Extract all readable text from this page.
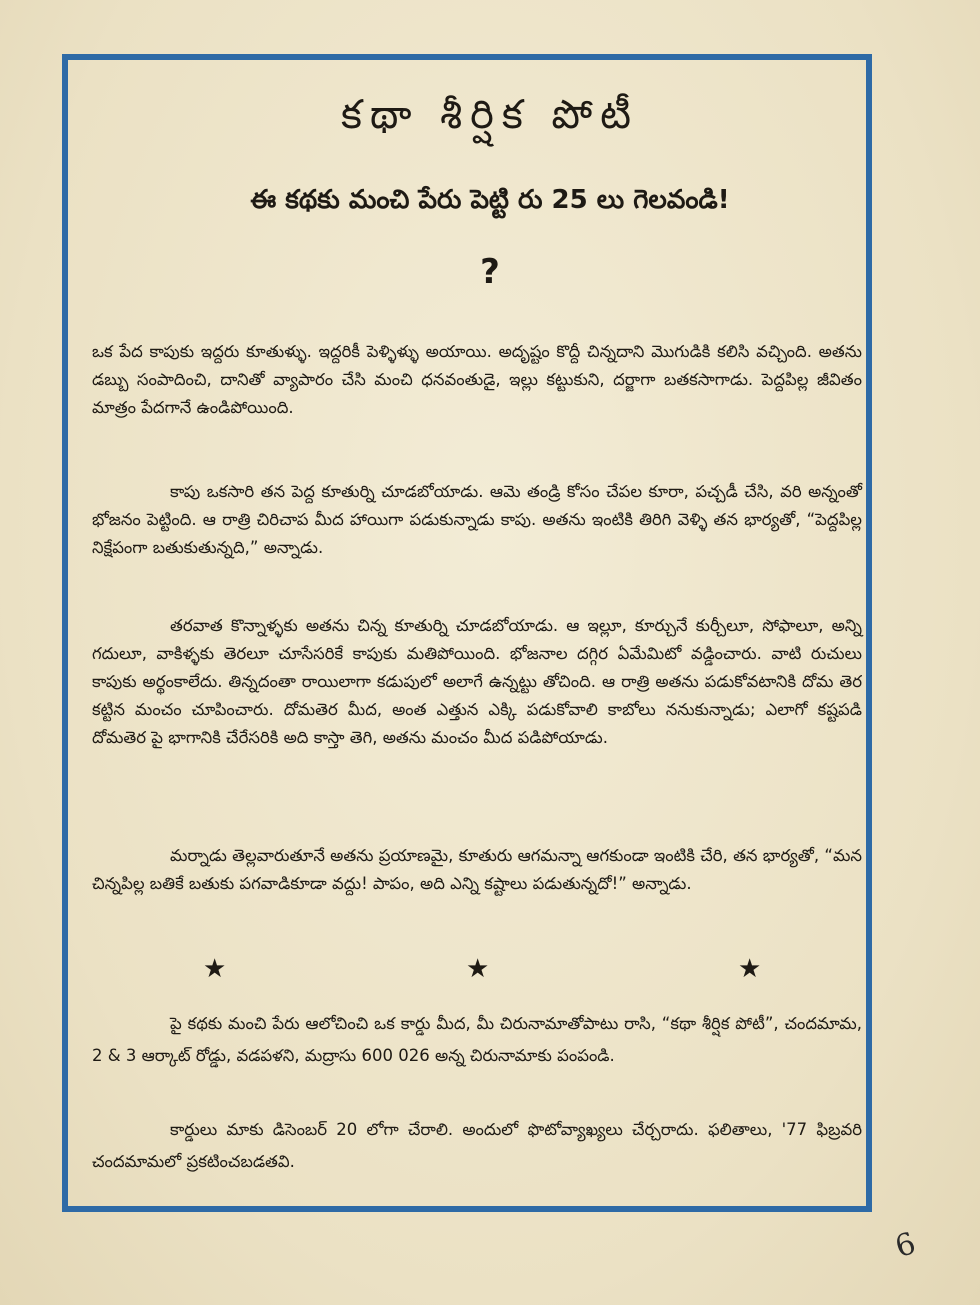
కథా శీర్షిక పోటీ
ఈ కథకు మంచి పేరు పెట్టి రు 25 లు గెలవండి!
?
ఒక పేద కాపుకు ఇద్దరు కూతుళ్ళు. ఇద్దరికీ పెళ్ళిళ్ళు అయాయి. అదృష్టం కొద్దీ చిన్నదాని మొగుడికి కలిసి వచ్చింది. అతను డబ్బు సంపాదించి, దానితో వ్యాపారం చేసి మంచి ధనవంతుడై, ఇల్లు కట్టుకుని, దర్జాగా బతకసాగాడు. పెద్దపిల్ల జీవితం మాత్రం పేదగానే ఉండిపోయింది.
కాపు ఒకసారి తన పెద్ద కూతుర్ని చూడబోయాడు. ఆమె తండ్రి కోసం చేపల కూరా, పచ్చడీ చేసి, వరి అన్నంతో భోజనం పెట్టింది. ఆ రాత్రి చిరిచాప మీద హాయిగా పడుకున్నాడు కాపు. అతను ఇంటికి తిరిగి వెళ్ళి తన భార్యతో, “పెద్దపిల్ల నిక్షేపంగా బతుకుతున్నది,” అన్నాడు.
తరవాత కొన్నాళ్ళకు అతను చిన్న కూతుర్ని చూడబోయాడు. ఆ ఇల్లూ, కూర్చునే కుర్చీలూ, సోఫాలూ, అన్ని గదులూ, వాకిళ్ళకు తెరలూ చూసేసరికే కాపుకు మతిపోయింది. భోజనాల దగ్గిర ఏమేమిటో వడ్డించారు. వాటి రుచులు కాపుకు అర్థంకాలేదు. తిన్నదంతా రాయిలాగా కడుపులో అలాగే ఉన్నట్టు తోచింది. ఆ రాత్రి అతను పడుకోవటానికి దోమ తెర కట్టిన మంచం చూపించారు. దోమతెర మీద, అంత ఎత్తున ఎక్కి పడుకోవాలి కాబోలు ననుకున్నాడు; ఎలాగో కష్టపడి దోమతెర పై భాగానికి చేరేసరికి అది కాస్తా తెగి, అతను మంచం మీద పడిపోయాడు.
మర్నాడు తెల్లవారుతూనే అతను ప్రయాణమై, కూతురు ఆగమన్నా ఆగకుండా ఇంటికి చేరి, తన భార్యతో, “మన చిన్నపిల్ల బతికే బతుకు పగవాడికూడా వద్దు! పాపం, అది ఎన్ని కష్టాలు పడుతున్నదో!” అన్నాడు.
★	★	★
పై కథకు మంచి పేరు ఆలోచించి ఒక కార్డు మీద, మీ చిరునామాతోపాటు రాసి, “కథా శీర్షిక పోటీ”, చందమామ, 2 & 3 ఆర్కాట్ రోడ్డు, వడపళని, మద్రాసు 600 026 అన్న చిరునామాకు పంపండి.
కార్డులు మాకు డిసెంబర్ 20 లోగా చేరాలి. అందులో ఫొటోవ్యాఖ్యలు చేర్చరాదు. ఫలితాలు, '77 ఫిబ్రవరి చందమామలో ప్రకటించబడతవి.
6
